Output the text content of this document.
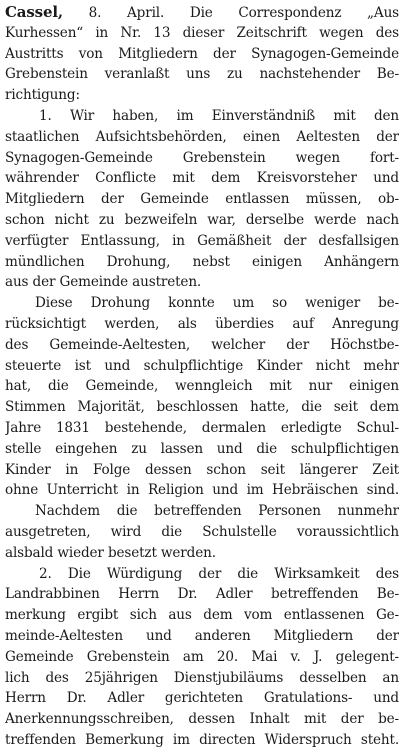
Cassel, 8. April. Die Correspondenz „Aus
Kurhessen“ in Nr. 13 dieser Zeitschrift wegen des
Austritts von Mitgliedern der Synagogen-Gemeinde
Grebenstein veranlaßt uns zu nachstehender Be-
richtigung:
1. Wir haben, im Einverständniß mit den
staatlichen Aufsichtsbehörden, einen Aeltesten der
Synagogen-Gemeinde Grebenstein wegen fort-
währender Conflicte mit dem Kreisvorsteher und
Mitgliedern der Gemeinde entlassen müssen, ob-
schon nicht zu bezweifeln war, derselbe werde nach
verfügter Entlassung, in Gemäßheit der desfallsigen
mündlichen Drohung, nebst einigen Anhängern
aus der Gemeinde austreten.
Diese Drohung konnte um so weniger be-
rücksichtigt werden, als überdies auf Anregung
des Gemeinde-Aeltesten, welcher der Höchstbe-
steuerte ist und schulpflichtige Kinder nicht mehr
hat, die Gemeinde, wenngleich mit nur einigen
Stimmen Majorität, beschlossen hatte, die seit dem
Jahre 1831 bestehende, dermalen erledigte Schul-
stelle eingehen zu lassen und die schulpflichtigen
Kinder in Folge dessen schon seit längerer Zeit
ohne Unterricht in Religion und im Hebräischen sind.
Nachdem die betreffenden Personen nunmehr
ausgetreten, wird die Schulstelle voraussichtlich
alsbald wieder besetzt werden.
2. Die Würdigung der die Wirksamkeit des
Landrabbinen Herrn Dr. Adler betreffenden Be-
merkung ergibt sich aus dem vom entlassenen Ge-
meinde-Aeltesten und anderen Mitgliedern der
Gemeinde Grebenstein am 20. Mai v. J. gelegent-
lich des 25jährigen Dienstjubiläums desselben an
Herrn Dr. Adler gerichteten Gratulations- und
Anerkennungsschreiben, dessen Inhalt mit der be-
treffenden Bemerkung im directen Widerspruch steht.
